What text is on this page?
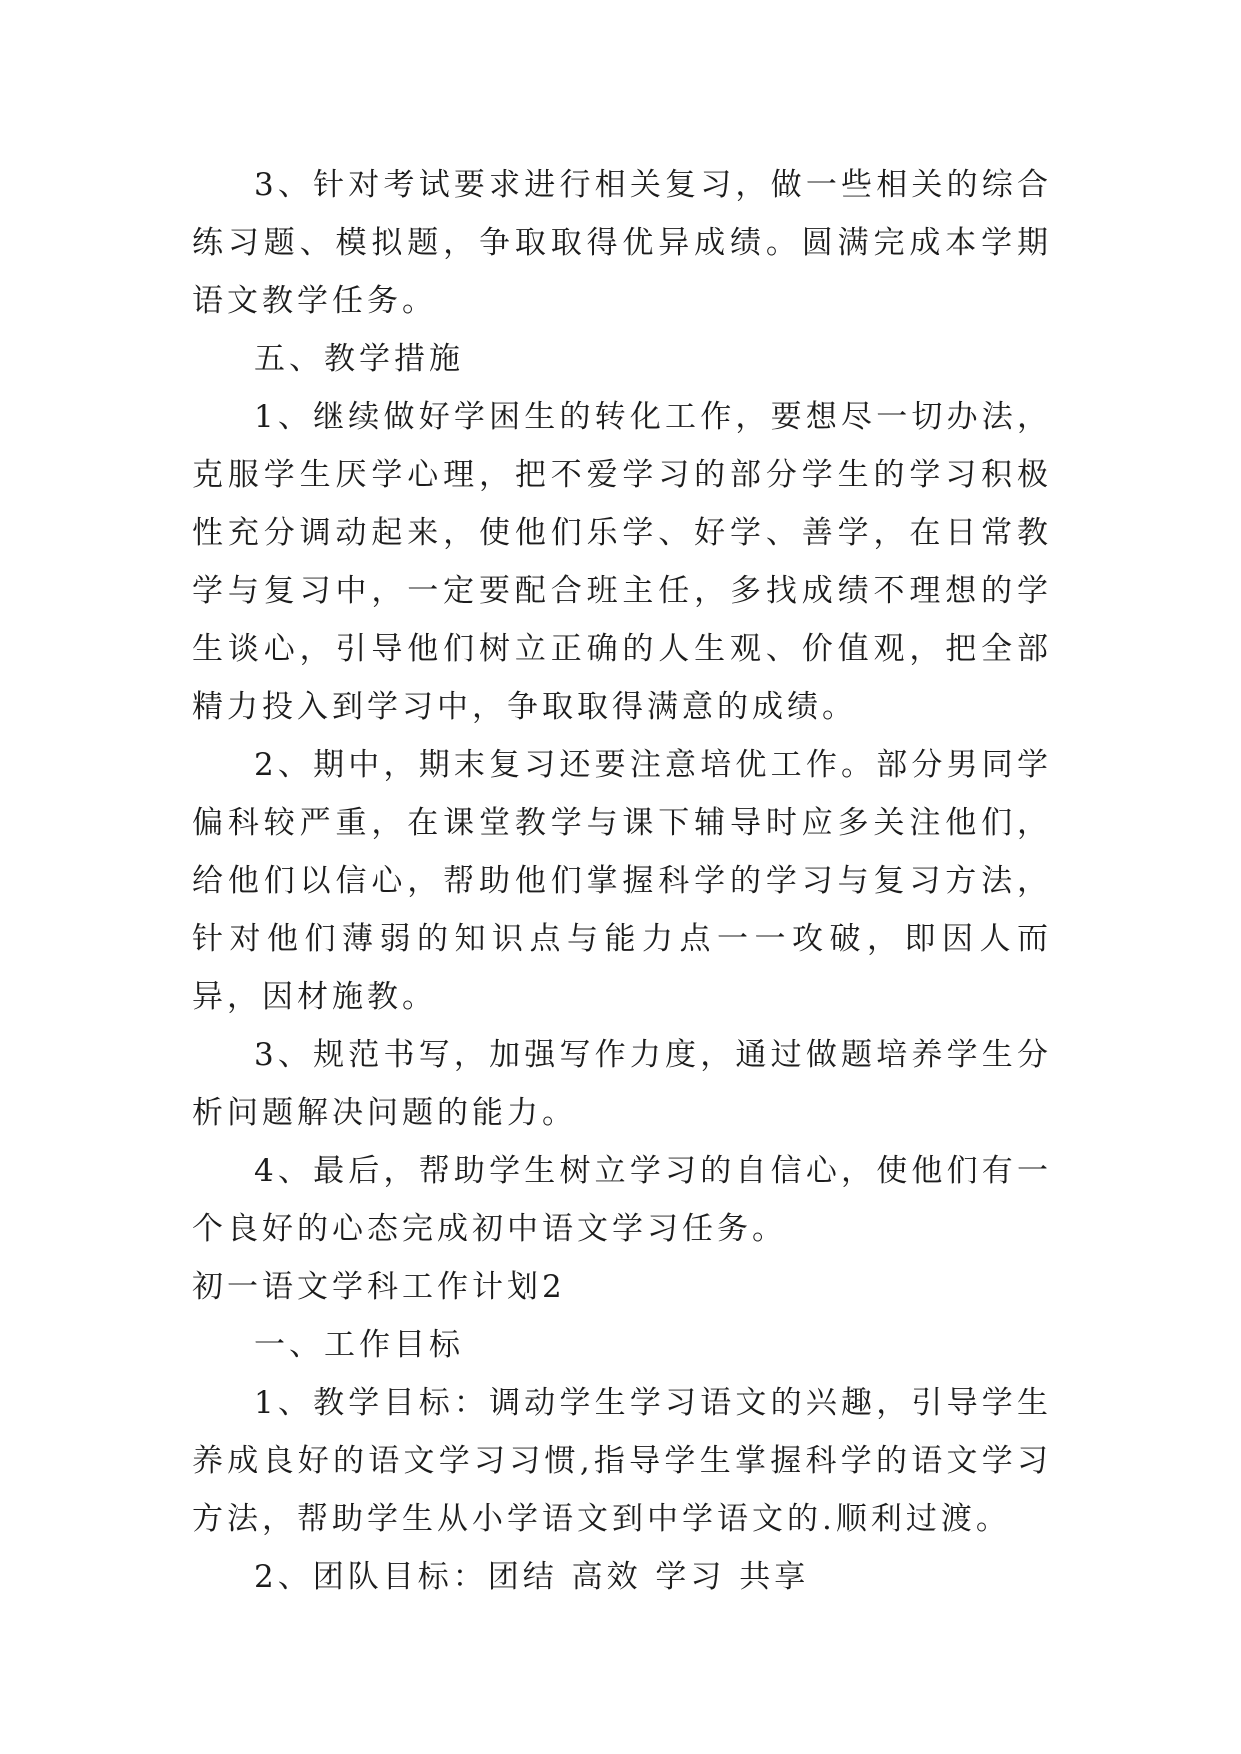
3、针对考试要求进行相关复习，做一些相关的综合练习题、模拟题，争取取得优异成绩。圆满完成本学期语文教学任务。

五、教学措施

1、继续做好学困生的转化工作，要想尽一切办法，克服学生厌学心理，把不爱学习的部分学生的学习积极性充分调动起来，使他们乐学、好学、善学，在日常教学与复习中，一定要配合班主任，多找成绩不理想的学生谈心，引导他们树立正确的人生观、价值观，把全部精力投入到学习中，争取取得满意的成绩。

2、期中，期末复习还要注意培优工作。部分男同学偏科较严重，在课堂教学与课下辅导时应多关注他们，给他们以信心，帮助他们掌握科学的学习与复习方法，针对他们薄弱的知识点与能力点一一攻破，即因人而异，因材施教。

3、规范书写，加强写作力度，通过做题培养学生分析问题解决问题的能力。

4、最后，帮助学生树立学习的自信心，使他们有一个良好的心态完成初中语文学习任务。

初一语文学科工作计划2

一、工作目标

1、教学目标：调动学生学习语文的兴趣，引导学生养成良好的语文学习习惯,指导学生掌握科学的语文学习方法，帮助学生从小学语文到中学语文的.顺利过渡。

2、团队目标：团结 高效 学习 共享
